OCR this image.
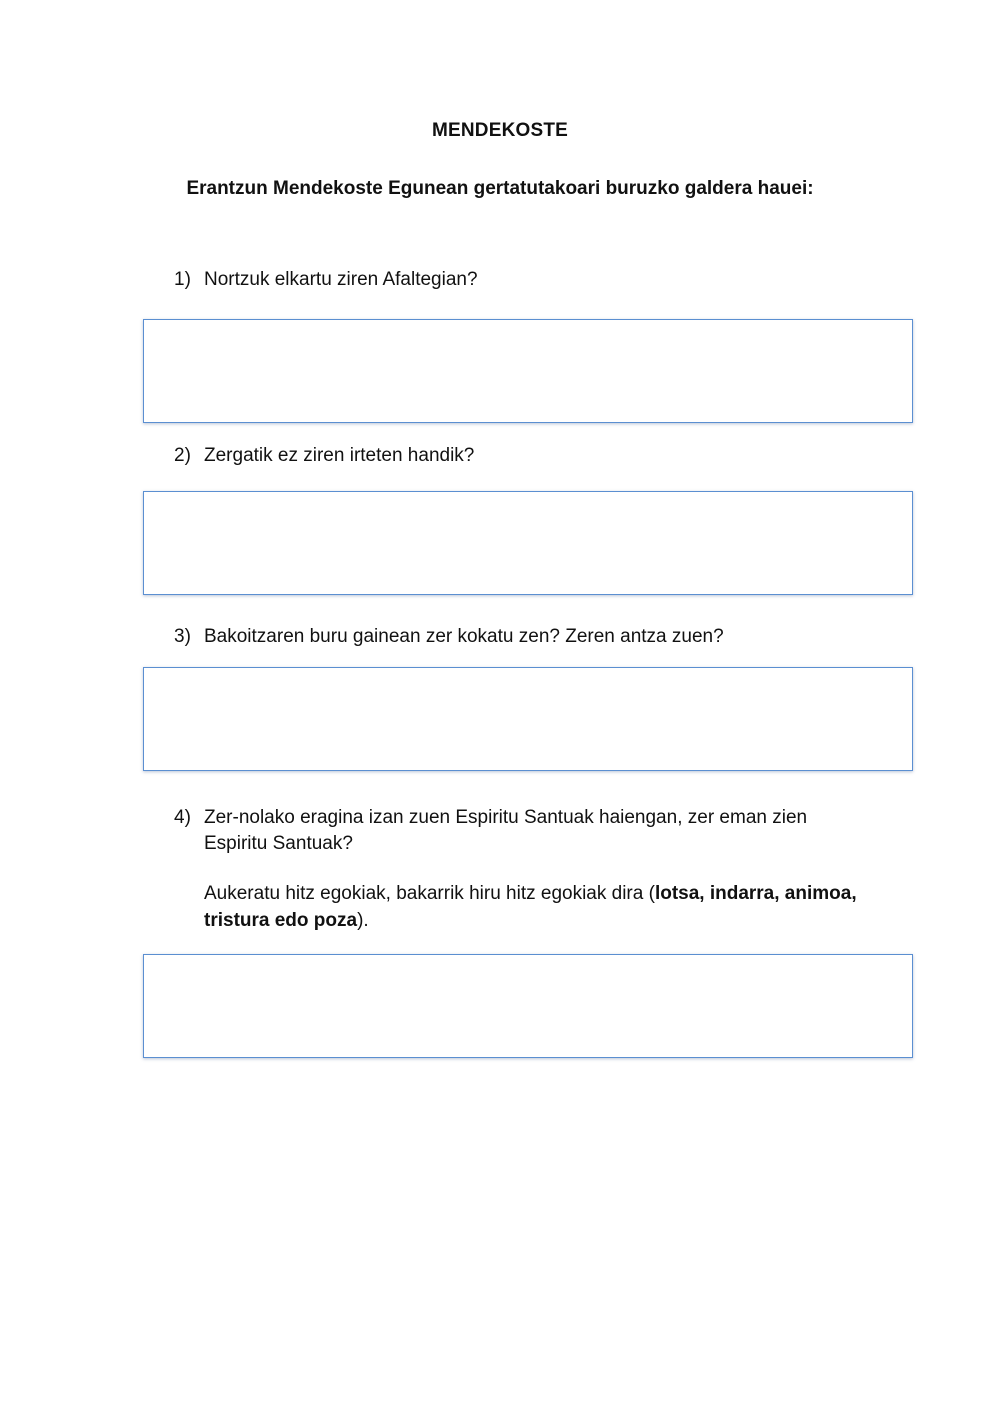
MENDEKOSTE
Erantzun Mendekoste Egunean gertatutakoari buruzko galdera hauei:
1) Nortzuk elkartu ziren Afaltegian?
2) Zergatik ez ziren irteten handik?
3) Bakoitzaren buru gainean zer kokatu zen? Zeren antza zuen?
4) Zer-nolako eragina izan zuen Espiritu Santuak haiengan, zer eman zien Espiritu Santuak?
Aukeratu hitz egokiak, bakarrik hiru hitz egokiak dira (lotsa, indarra, animoa, tristura edo poza).
